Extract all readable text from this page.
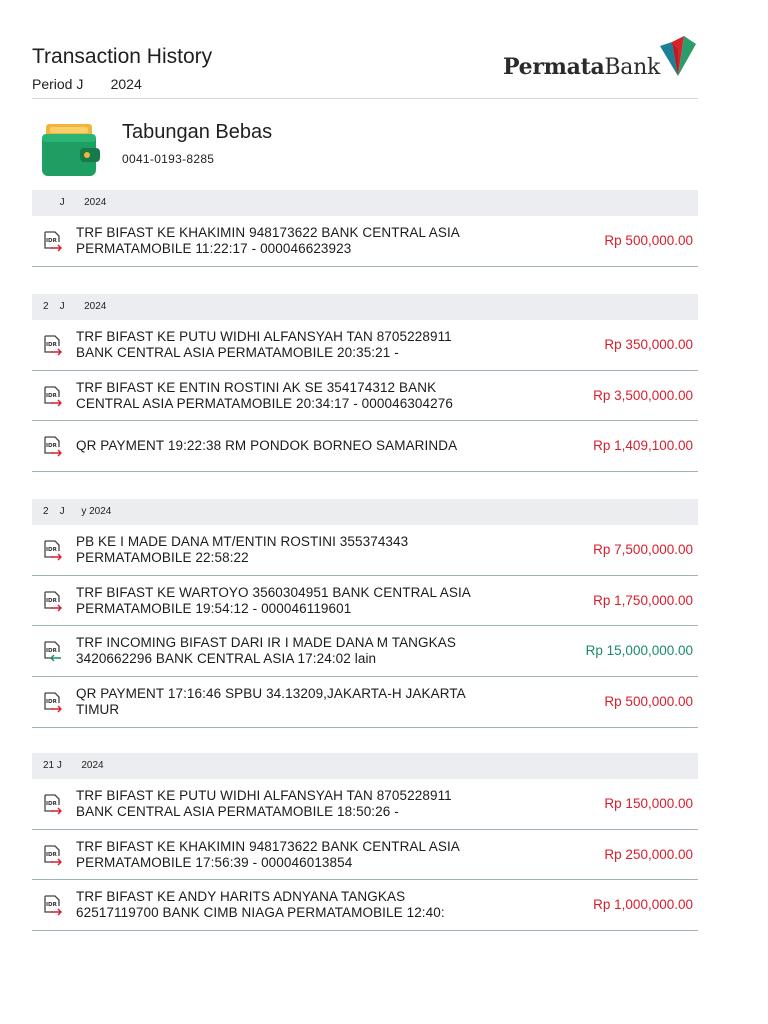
Transaction History
Period J       2024
PermataBank
Tabungan Bebas
0041-0193-8285
J       2024
IDR
TRF BIFAST KE KHAKIMIN 948173622 BANK CENTRAL ASIA PERMATAMOBILE 11:22:17 - 000046623923
Rp 500,000.00
2    J       2024
IDR
TRF BIFAST KE PUTU WIDHI ALFANSYAH TAN 8705228911 BANK CENTRAL ASIA PERMATAMOBILE 20:35:21 -
Rp 350,000.00
IDR
TRF BIFAST KE ENTIN ROSTINI AK SE 354174312 BANK CENTRAL ASIA PERMATAMOBILE 20:34:17 - 000046304276
Rp 3,500,000.00
IDR QR PAYMENT 19:22:38 RM PONDOK BORNEO SAMARINDA	Rp 1,409,100.00
2    J      y 2024
IDR
PB KE I MADE DANA MT/ENTIN ROSTINI 355374343 PERMATAMOBILE 22:58:22
Rp 7,500,000.00
IDR
TRF BIFAST KE WARTOYO 3560304951 BANK CENTRAL ASIA PERMATAMOBILE 19:54:12 - 000046119601
Rp 1,750,000.00
IDR
TRF INCOMING BIFAST DARI IR I MADE DANA M TANGKAS 3420662296 BANK CENTRAL ASIA 17:24:02 lain
Rp 15,000,000.00
IDR
QR PAYMENT 17:16:46 SPBU 34.13209,JAKARTA-H JAKARTA TIMUR
Rp 500,000.00
21 J       2024
IDR
TRF BIFAST KE PUTU WIDHI ALFANSYAH TAN 8705228911 BANK CENTRAL ASIA PERMATAMOBILE 18:50:26 -
Rp 150,000.00
IDR
TRF BIFAST KE KHAKIMIN 948173622 BANK CENTRAL ASIA PERMATAMOBILE 17:56:39 - 000046013854
Rp 250,000.00
IDR
TRF BIFAST KE ANDY HARITS ADNYANA TANGKAS 62517119700 BANK CIMB NIAGA PERMATAMOBILE 12:40:
Rp 1,000,000.00
